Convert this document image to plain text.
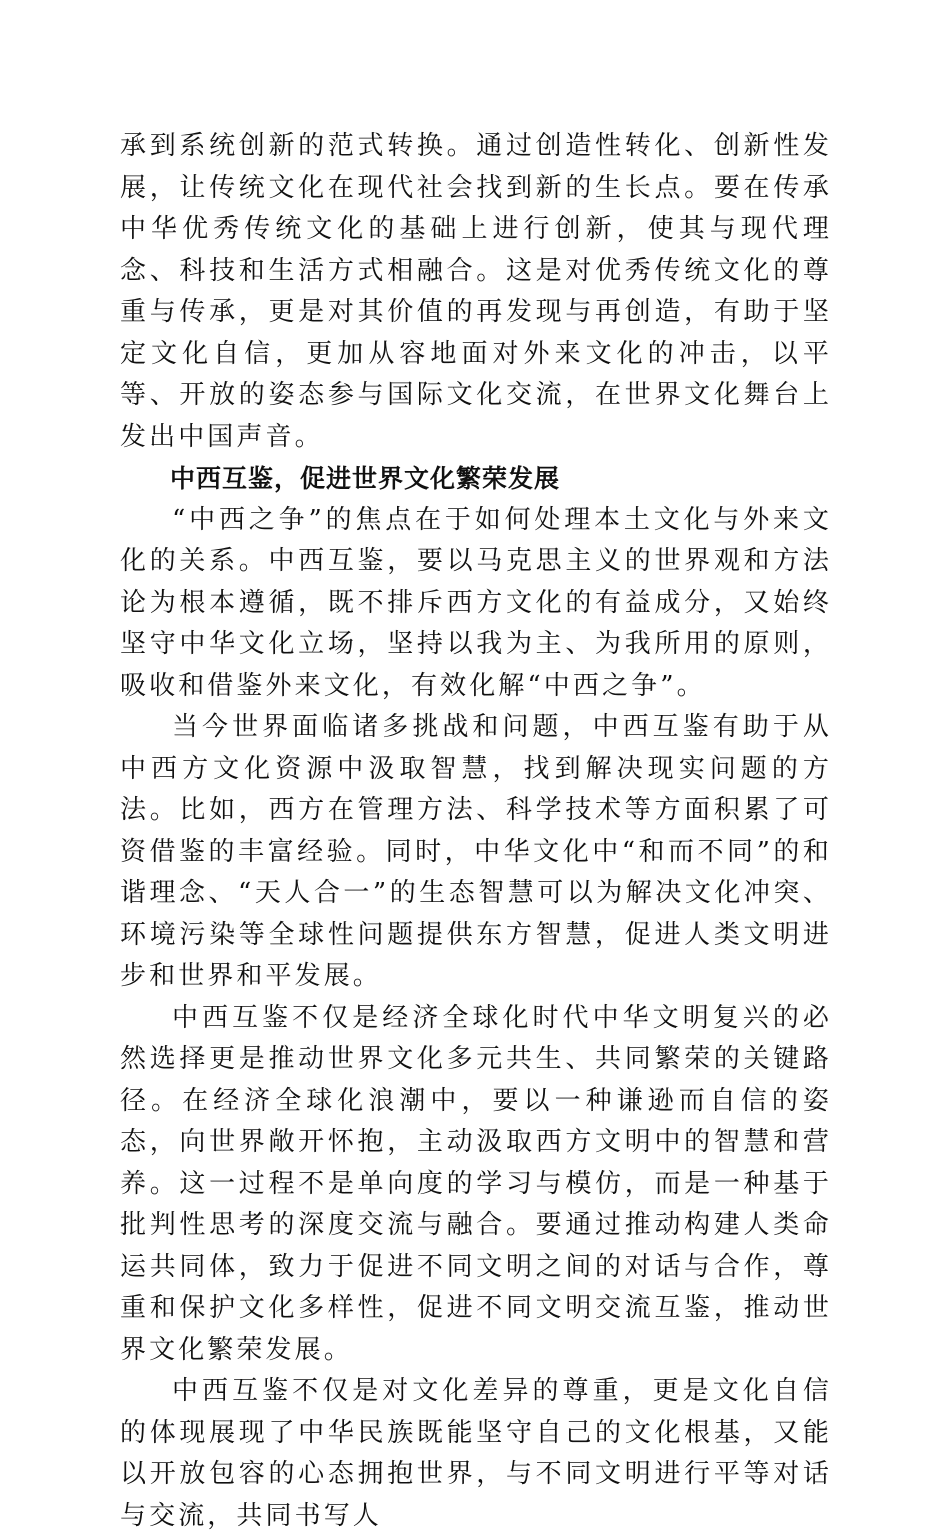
承到系统创新的范式转换。通过创造性转化、创新性发展，让传统文化在现代社会找到新的生长点。要在传承中华优秀传统文化的基础上进行创新，使其与现代理念、科技和生活方式相融合。这是对优秀传统文化的尊重与传承，更是对其价值的再发现与再创造，有助于坚定文化自信，更加从容地面对外来文化的冲击，以平等、开放的姿态参与国际文化交流，在世界文化舞台上发出中国声音。

中西互鉴，促进世界文化繁荣发展

“中西之争”的焦点在于如何处理本土文化与外来文化的关系。中西互鉴，要以马克思主义的世界观和方法论为根本遵循，既不排斥西方文化的有益成分，又始终坚守中华文化立场，坚持以我为主、为我所用的原则，吸收和借鉴外来文化，有效化解“中西之争”。

当今世界面临诸多挑战和问题，中西互鉴有助于从中西方文化资源中汲取智慧，找到解决现实问题的方法。比如，西方在管理方法、科学技术等方面积累了可资借鉴的丰富经验。同时，中华文化中“和而不同”的和谐理念、“天人合一”的生态智慧可以为解决文化冲突、环境污染等全球性问题提供东方智慧，促进人类文明进步和世界和平发展。

中西互鉴不仅是经济全球化时代中华文明复兴的必然选择更是推动世界文化多元共生、共同繁荣的关键路径。在经济全球化浪潮中，要以一种谦逊而自信的姿态，向世界敞开怀抱，主动汲取西方文明中的智慧和营养。这一过程不是单向度的学习与模仿，而是一种基于批判性思考的深度交流与融合。要通过推动构建人类命运共同体，致力于促进不同文明之间的对话与合作，尊重和保护文化多样性，促进不同文明交流互鉴，推动世界文化繁荣发展。

中西互鉴不仅是对文化差异的尊重，更是文化自信的体现展现了中华民族既能坚守自己的文化根基，又能以开放包容的心态拥抱世界，与不同文明进行平等对话与交流，共同书写人
